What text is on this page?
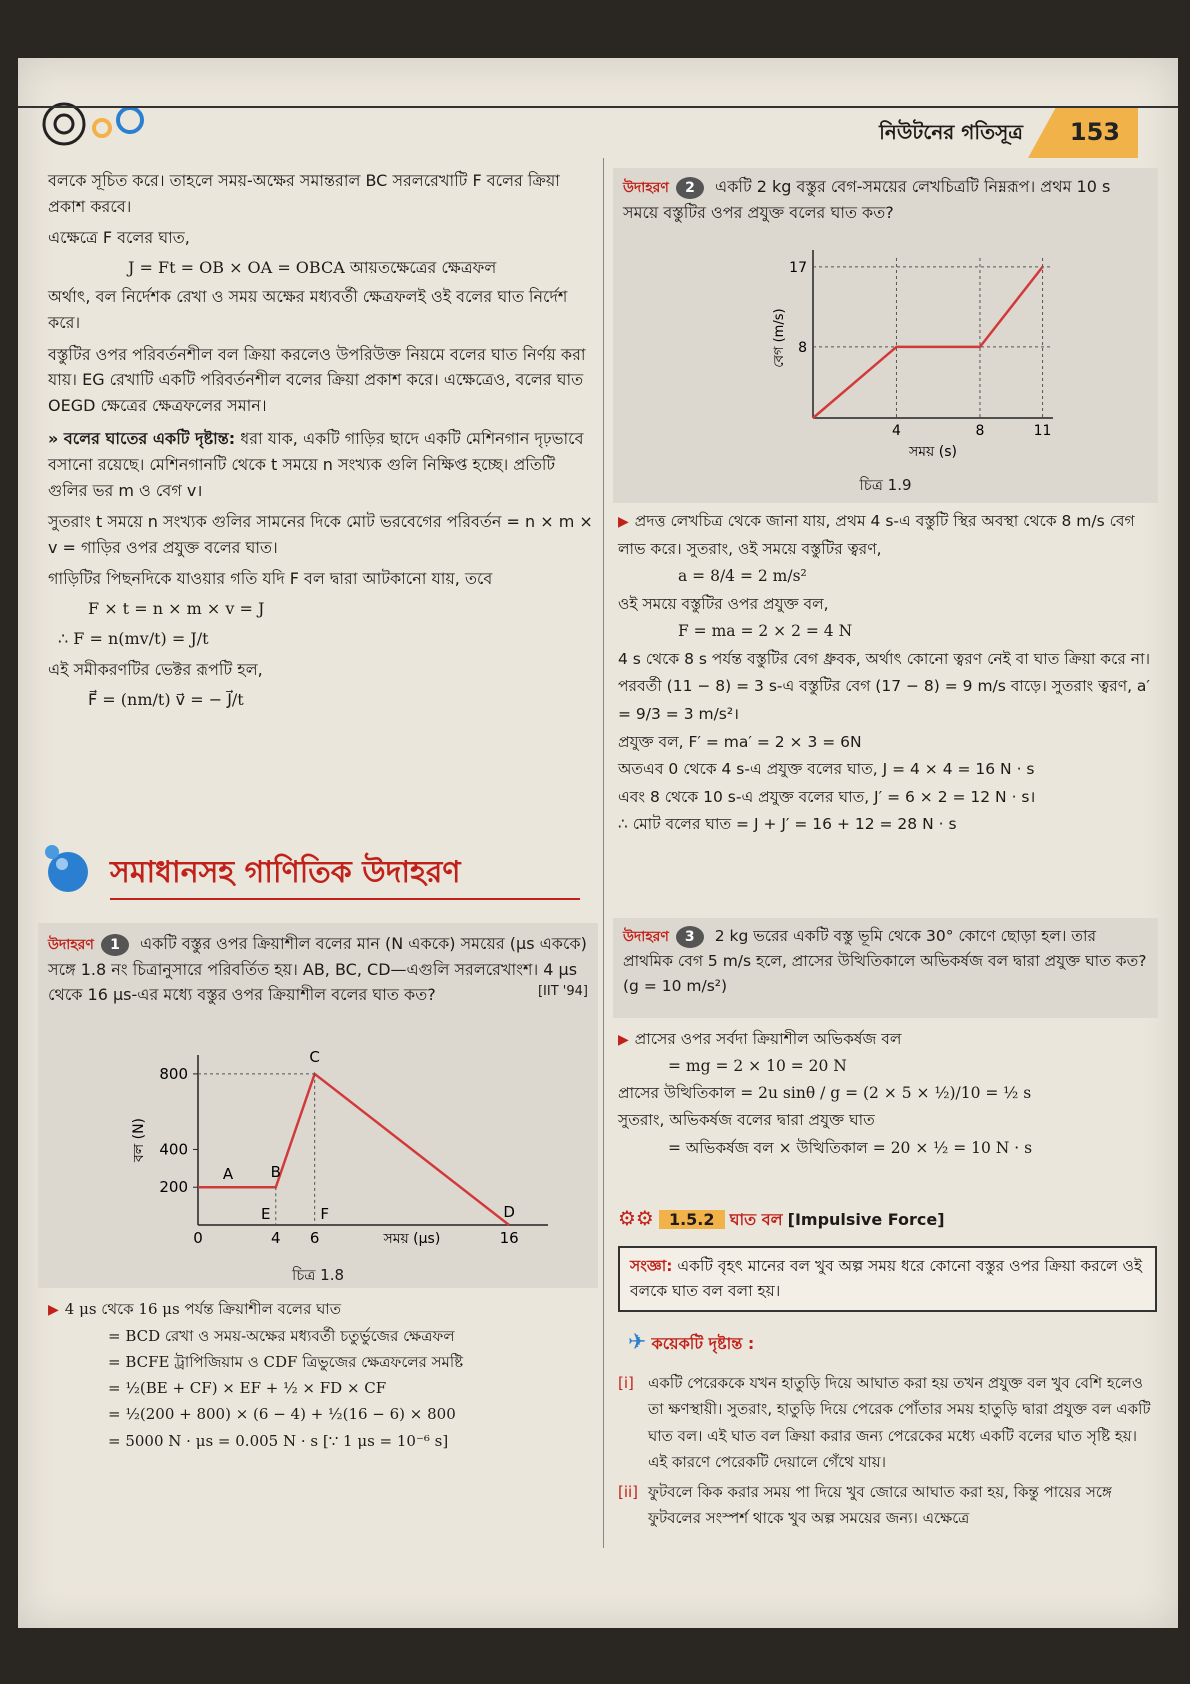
নিউটনের গতিসূত্র 153
বলকে সূচিত করে। তাহলে সময়-অক্ষের সমান্তরাল BC সরলরেখাটি F বলের ক্রিয়া প্রকাশ করবে।
এক্ষেত্রে F বলের ঘাত,
J = Ft = OB × OA = OBCA আয়তক্ষেত্রের ক্ষেত্রফল
অর্থাৎ, বল নির্দেশক রেখা ও সময় অক্ষের মধ্যবর্তী ক্ষেত্রফলই ওই বলের ঘাত নির্দেশ করে।
বস্তুটির ওপর পরিবর্তনশীল বল ক্রিয়া করলেও উপরিউক্ত নিয়মে বলের ঘাত নির্ণয় করা যায়। EG রেখাটি একটি পরিবর্তনশীল বলের ক্রিয়া প্রকাশ করে। এক্ষেত্রেও, বলের ঘাত OEGD ক্ষেত্রের ক্ষেত্রফলের সমান।
» বলের ঘাতের একটি দৃষ্টান্ত: ধরা যাক, একটি গাড়ির ছাদে একটি মেশিনগান দৃঢ়ভাবে বসানো রয়েছে। মেশিনগানটি থেকে t সময়ে n সংখ্যক গুলি নিক্ষিপ্ত হচ্ছে। প্রতিটি গুলির ভর m ও বেগ v।
সুতরাং t সময়ে n সংখ্যক গুলির সামনের দিকে মোট ভরবেগের পরিবর্তন = n × m × v = গাড়ির ওপর প্রযুক্ত বলের ঘাত।
গাড়িটির পিছনদিকে যাওয়ার গতি যদি F বল দ্বারা আটকানো যায়, তবে
F × t = n × m × v = J
∴ F = n(mv/t) = J/t
এই সমীকরণটির ভেক্টর রূপটি হল,
F⃗ = (nm/t) v⃗ = − J⃗/t
সমাধানসহ গাণিতিক উদাহরণ
উদাহরণ 1 একটি বস্তুর ওপর ক্রিয়াশীল বলের মান (N এককে) সময়ের (μs এককে) সঙ্গে 1.8 নং চিত্রানুসারে পরিবর্তিত হয়। AB, BC, CD—এগুলি সরলরেখাংশ। 4 μs থেকে 16 μs-এর মধ্যে বস্তুর ওপর ক্রিয়াশীল বলের ঘাত কত?	[IIT '94]
200
400
800
0	4 6	16
সময় (μs)
বল (N)
A B
C
D
E	F
চিত্র 1.8
▶ 4 μs থেকে 16 μs পর্যন্ত ক্রিয়াশীল বলের ঘাত
= BCD রেখা ও সময়-অক্ষের মধ্যবর্তী চতুর্ভুজের ক্ষেত্রফল
= BCFE ট্রাপিজিয়াম ও CDF ত্রিভুজের ক্ষেত্রফলের সমষ্টি
= ½(BE + CF) × EF + ½ × FD × CF
= ½(200 + 800) × (6 − 4) + ½(16 − 6) × 800
= 5000 N · μs = 0.005 N · s [∵ 1 μs = 10⁻⁶ s]
উদাহরণ 2 একটি 2 kg বস্তুর বেগ-সময়ের লেখচিত্রটি নিম্নরূপ। প্রথম 10 s সময়ে বস্তুটির ওপর প্রযুক্ত বলের ঘাত কত?
8
17
4	8	11
সময় (s)
বেগ (m/s)
চিত্র 1.9
▶ প্রদত্ত লেখচিত্র থেকে জানা যায়, প্রথম 4 s-এ বস্তুটি স্থির অবস্থা থেকে 8 m/s বেগ লাভ করে। সুতরাং, ওই সময়ে বস্তুটির ত্বরণ,
a = 8/4 = 2 m/s²
ওই সময়ে বস্তুটির ওপর প্রযুক্ত বল,
F = ma = 2 × 2 = 4 N
4 s থেকে 8 s পর্যন্ত বস্তুটির বেগ ধ্রুবক, অর্থাৎ কোনো ত্বরণ নেই বা ঘাত ক্রিয়া করে না। পরবর্তী (11 − 8) = 3 s-এ বস্তুটির বেগ (17 − 8) = 9 m/s বাড়ে। সুতরাং ত্বরণ, a′ = 9/3 = 3 m/s²।
প্রযুক্ত বল, F′ = ma′ = 2 × 3 = 6N
অতএব 0 থেকে 4 s-এ প্রযুক্ত বলের ঘাত, J = 4 × 4 = 16 N · s
এবং 8 থেকে 10 s-এ প্রযুক্ত বলের ঘাত, J′ = 6 × 2 = 12 N · s।
∴ মোট বলের ঘাত = J + J′ = 16 + 12 = 28 N · s
উদাহরণ 3 2 kg ভরের একটি বস্তু ভূমি থেকে 30° কোণে ছোড়া হল। তার প্রাথমিক বেগ 5 m/s হলে, প্রাসের উত্থিতিকালে অভিকর্ষজ বল দ্বারা প্রযুক্ত ঘাত কত? (g = 10 m/s²)
▶ প্রাসের ওপর সর্বদা ক্রিয়াশীল অভিকর্ষজ বল
= mg = 2 × 10 = 20 N
প্রাসের উত্থিতিকাল = 2u sinθ / g = (2 × 5 × ½)/10 = ½ s
সুতরাং, অভিকর্ষজ বলের দ্বারা প্রযুক্ত ঘাত
= অভিকর্ষজ বল × উত্থিতিকাল = 20 × ½ = 10 N · s
⚙⚙ 1.5.2 ঘাত বল [Impulsive Force]
সংজ্ঞা: একটি বৃহৎ মানের বল খুব অল্প সময় ধরে কোনো বস্তুর ওপর ক্রিয়া করলে ওই বলকে ঘাত বল বলা হয়।
✈ কয়েকটি দৃষ্টান্ত :
[i] একটি পেরেককে যখন হাতুড়ি দিয়ে আঘাত করা হয় তখন প্রযুক্ত বল খুব বেশি হলেও তা ক্ষণস্থায়ী। সুতরাং, হাতুড়ি দিয়ে পেরেক পোঁতার সময় হাতুড়ি দ্বারা প্রযুক্ত বল একটি ঘাত বল। এই ঘাত বল ক্রিয়া করার জন্য পেরেকের মধ্যে একটি বলের ঘাত সৃষ্টি হয়। এই কারণে পেরেকটি দেয়ালে গেঁথে যায়।
[ii] ফুটবলে কিক করার সময় পা দিয়ে খুব জোরে আঘাত করা হয়, কিন্তু পায়ের সঙ্গে ফুটবলের সংস্পর্শ থাকে খুব অল্প সময়ের জন্য। এক্ষেত্রে
